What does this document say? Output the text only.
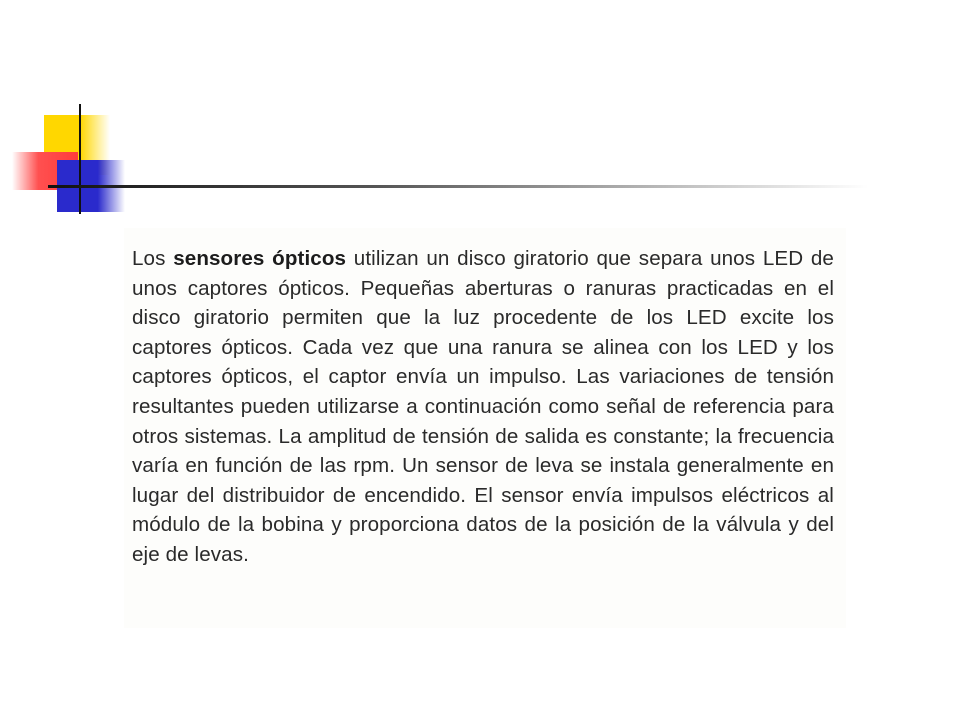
Los sensores ópticos utilizan un disco giratorio que separa unos LED de unos captores ópticos. Pequeñas aberturas o ranuras practicadas en el disco giratorio permiten que la luz procedente de los LED excite los captores ópticos. Cada vez que una ranura se alinea con los LED y los captores ópticos, el captor envía un impulso. Las variaciones de tensión resultantes pueden utilizarse a continuación como señal de referencia para otros sistemas. La amplitud de tensión de salida es constante; la frecuencia varía en función de las rpm. Un sensor de leva se instala generalmente en lugar del distribuidor de encendido. El sensor envía impulsos eléctricos al módulo de la bobina y proporciona datos de la posición de la válvula y del eje de levas.
